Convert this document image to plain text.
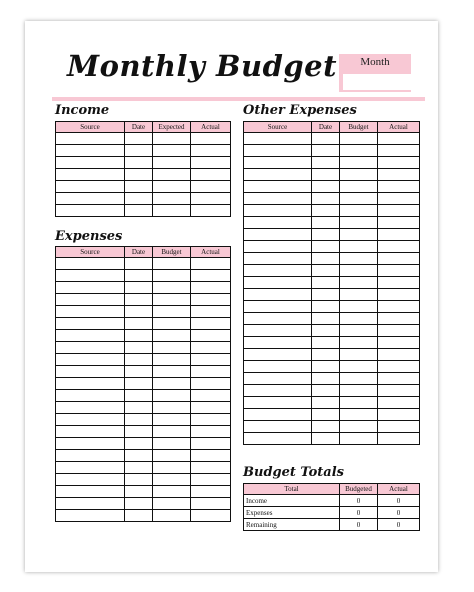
Monthly Budget	Month
Income
Source	Date	Expected	Actual

Expenses
Source	Date	Budget	Actual

Other Expenses
Source	Date	Budget	Actual

Budget Totals
Total	Budgeted	Actual
Income	0	0
Expenses	0	0
Remaining	0	0
